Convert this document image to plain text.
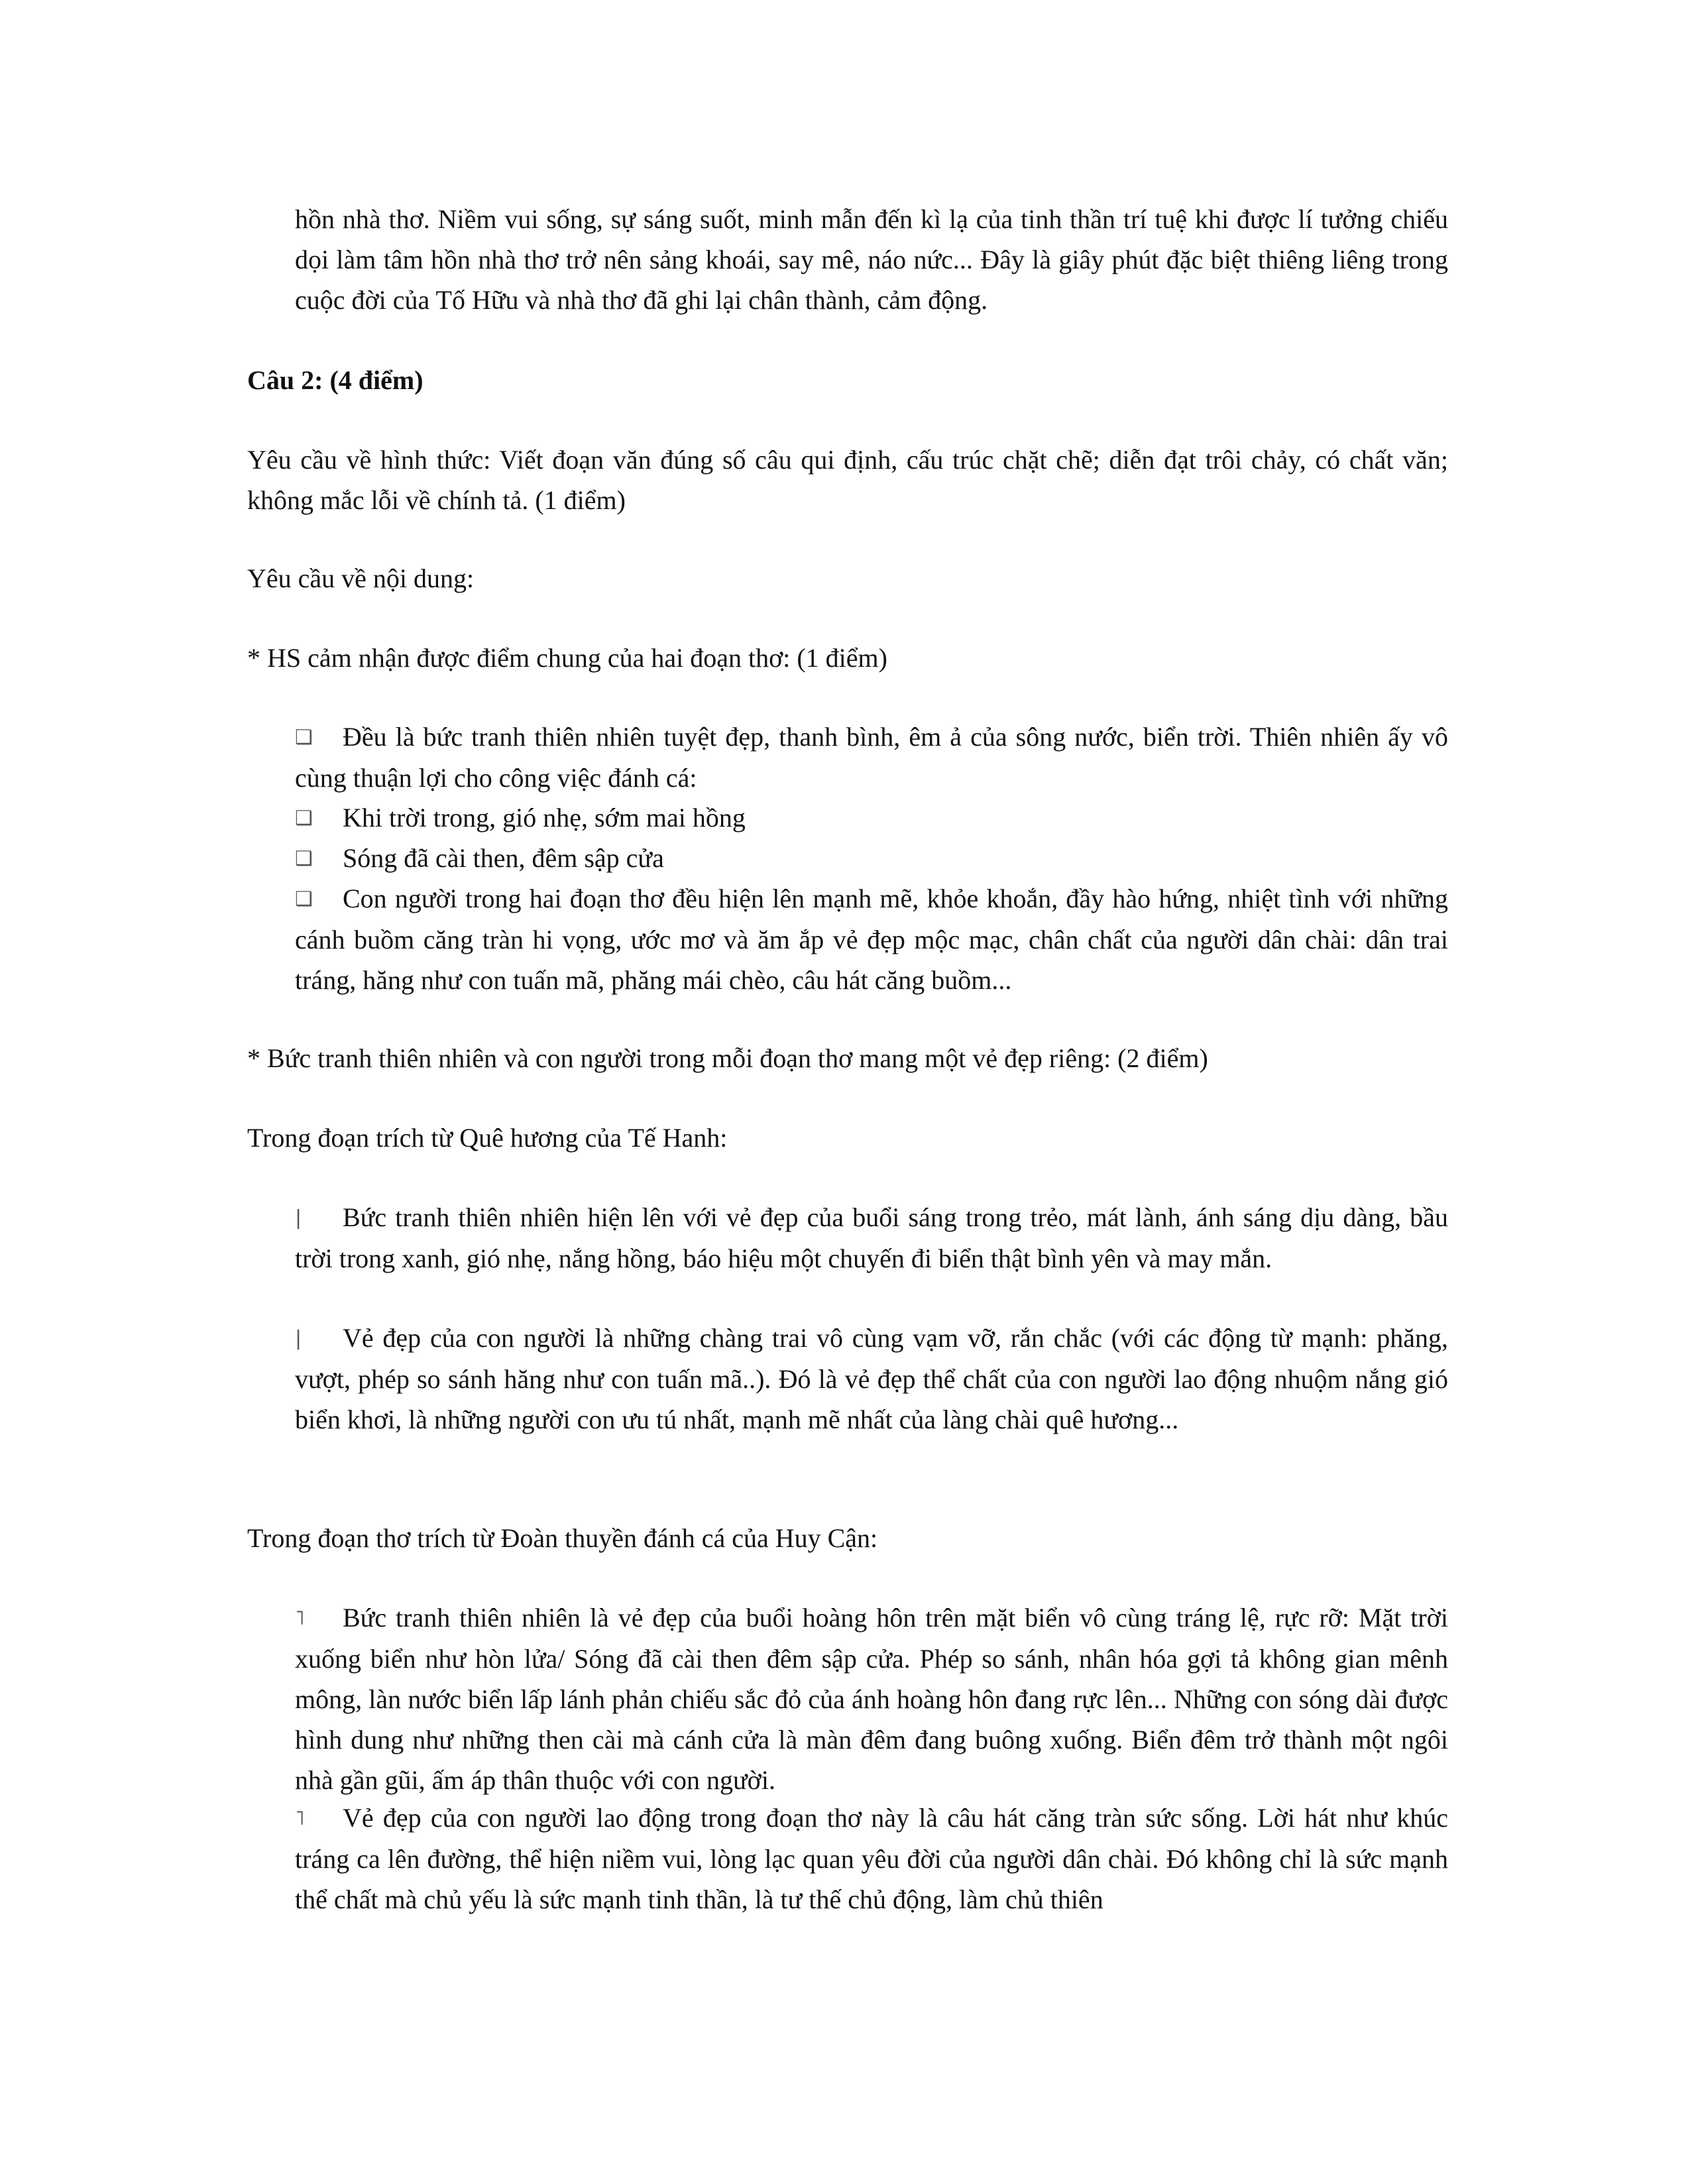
hồn nhà thơ. Niềm vui sống, sự sáng suốt, minh mẫn đến kì lạ của tinh thần trí tuệ khi được lí tưởng chiếu dọi làm tâm hồn nhà thơ trở nên sảng khoái, say mê, náo nức... Đây là giây phút đặc biệt thiêng liêng trong cuộc đời của Tố Hữu và nhà thơ đã ghi lại chân thành, cảm động.

Câu 2: (4 điểm)

Yêu cầu về hình thức: Viết đoạn văn đúng số câu qui định, cấu trúc chặt chẽ; diễn đạt trôi chảy, có chất văn; không mắc lỗi về chính tả. (1 điểm)

Yêu cầu về nội dung:

* HS cảm nhận được điểm chung của hai đoạn thơ: (1 điểm)

❑ Đều là bức tranh thiên nhiên tuyệt đẹp, thanh bình, êm ả của sông nước, biển trời. Thiên nhiên ấy vô cùng thuận lợi cho công việc đánh cá:

❑ Khi trời trong, gió nhẹ, sớm mai hồng

❑ Sóng đã cài then, đêm sập cửa

❑ Con người trong hai đoạn thơ đều hiện lên mạnh mẽ, khỏe khoắn, đầy hào hứng, nhiệt tình với những cánh buồm căng tràn hi vọng, ước mơ và ăm ắp vẻ đẹp mộc mạc, chân chất của người dân chài: dân trai tráng, hăng như con tuấn mã, phăng mái chèo, câu hát căng buồm...

* Bức tranh thiên nhiên và con người trong mỗi đoạn thơ mang một vẻ đẹp riêng: (2 điểm)

Trong đoạn trích từ Quê hương của Tế Hanh:

| Bức tranh thiên nhiên hiện lên với vẻ đẹp của buổi sáng trong trẻo, mát lành, ánh sáng dịu dàng, bầu trời trong xanh, gió nhẹ, nắng hồng, báo hiệu một chuyến đi biển thật bình yên và may mắn.

| Vẻ đẹp của con người là những chàng trai vô cùng vạm vỡ, rắn chắc (với các động từ mạnh: phăng, vượt, phép so sánh hăng như con tuấn mã..). Đó là vẻ đẹp thể chất của con người lao động nhuộm nắng gió biển khơi, là những người con ưu tú nhất, mạnh mẽ nhất của làng chài quê hương...

Trong đoạn thơ trích từ Đoàn thuyền đánh cá của Huy Cận:

˥ Bức tranh thiên nhiên là vẻ đẹp của buổi hoàng hôn trên mặt biển vô cùng tráng lệ, rực rỡ: Mặt trời xuống biển như hòn lửa/ Sóng đã cài then đêm sập cửa. Phép so sánh, nhân hóa gợi tả không gian mênh mông, làn nước biển lấp lánh phản chiếu sắc đỏ của ánh hoàng hôn đang rực lên... Những con sóng dài được hình dung như những then cài mà cánh cửa là màn đêm đang buông xuống. Biển đêm trở thành một ngôi nhà gần gũi, ấm áp thân thuộc với con người.

˥ Vẻ đẹp của con người lao động trong đoạn thơ này là câu hát căng tràn sức sống. Lời hát như khúc tráng ca lên đường, thể hiện niềm vui, lòng lạc quan yêu đời của người dân chài. Đó không chỉ là sức mạnh thể chất mà chủ yếu là sức mạnh tinh thần, là tư thế chủ động, làm chủ thiên
